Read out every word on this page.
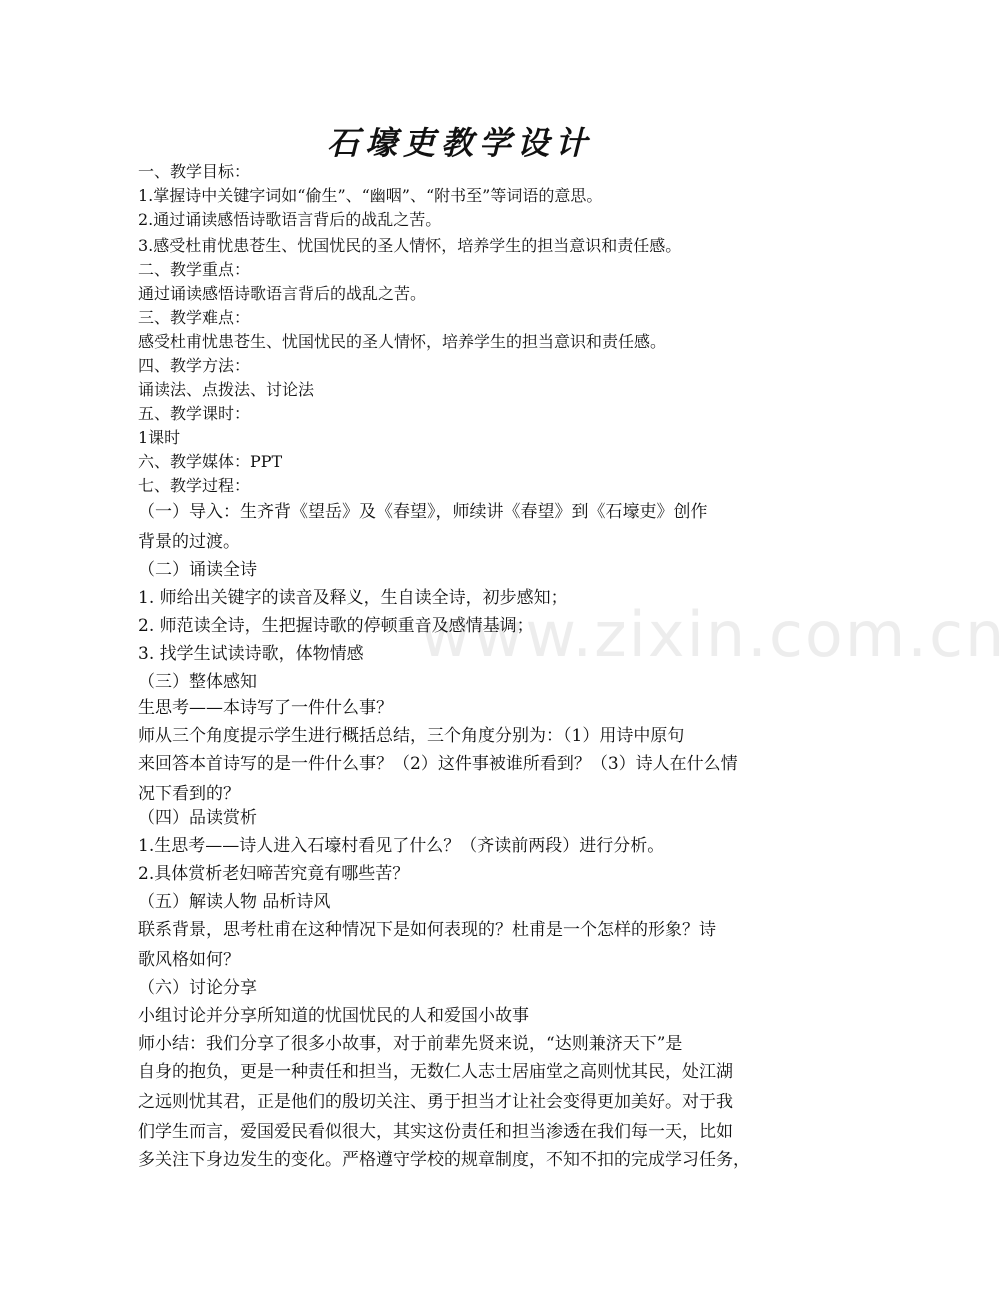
www.zixin.com.cn
石壕吏教学设计
一、教学目标：
1.掌握诗中关键字词如“偷生”、“幽咽”、“附书至”等词语的意思。
2.通过诵读感悟诗歌语言背后的战乱之苦。
3.感受杜甫忧患苍生、忧国忧民的圣人情怀，培养学生的担当意识和责任感。
二、教学重点：
通过诵读感悟诗歌语言背后的战乱之苦。
三、教学难点：
感受杜甫忧患苍生、忧国忧民的圣人情怀，培养学生的担当意识和责任感。
四、教学方法：
诵读法、点拨法、讨论法
五、教学课时：
1课时
六、教学媒体：PPT
七、教学过程：
（一）导入：生齐背《望岳》及《春望》，师续讲《春望》到《石壕吏》创作
背景的过渡。
（二）诵读全诗
1. 师给出关键字的读音及释义，生自读全诗，初步感知；
2. 师范读全诗，生把握诗歌的停顿重音及感情基调；
3. 找学生试读诗歌，体物情感
（三）整体感知
生思考——本诗写了一件什么事？
师从三个角度提示学生进行概括总结，三个角度分别为：（1）用诗中原句
来回答本首诗写的是一件什么事？（2）这件事被谁所看到？（3）诗人在什么情
况下看到的？
（四）品读赏析
1.生思考——诗人进入石壕村看见了什么？（齐读前两段）进行分析。
2.具体赏析老妇啼苦究竟有哪些苦？
（五）解读人物 品析诗风
联系背景，思考杜甫在这种情况下是如何表现的？杜甫是一个怎样的形象？诗
歌风格如何？
（六）讨论分享
小组讨论并分享所知道的忧国忧民的人和爱国小故事
师小结：我们分享了很多小故事，对于前辈先贤来说，“达则兼济天下”是
自身的抱负，更是一种责任和担当，无数仁人志士居庙堂之高则忧其民，处江湖
之远则忧其君，正是他们的殷切关注、勇于担当才让社会变得更加美好。对于我
们学生而言，爱国爱民看似很大，其实这份责任和担当渗透在我们每一天，比如
多关注下身边发生的变化。严格遵守学校的规章制度，不知不扣的完成学习任务，
